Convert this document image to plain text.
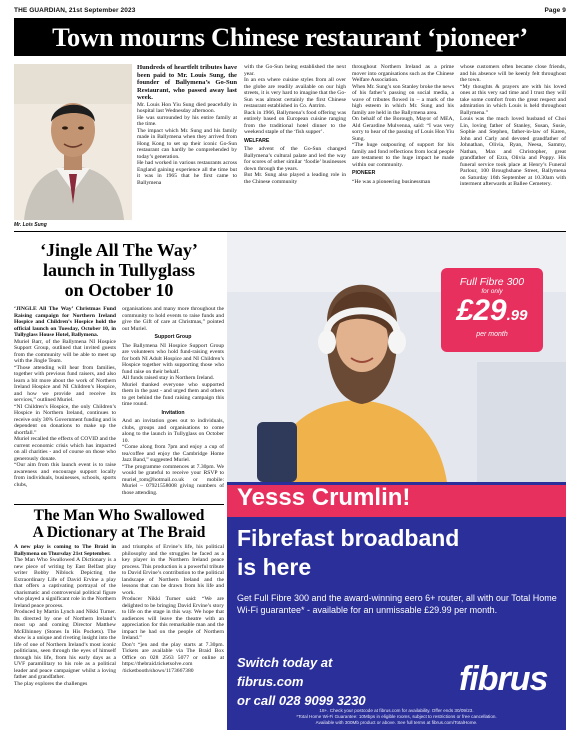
THE GUARDIAN, 21st September 2023	Page 9
Town mourns Chinese restaurant ‘pioneer’
Mr. Lois Sung

Hundreds of heartfelt tributes have been paid to Mr. Louis Sung, the founder of Ballymena’s Go-Sun Restaurant, who passed away last week.

Mr. Louis Hon Yiu Sung died peacefully in hospital last Wednesday afternoon.

He was surrounded by his entire family at the time.

The impact which Mr. Sung and his family made in Ballymena when they arrived from Hong Kong to set up their iconic Go-Sun restaurant can hardly be comprehended by today’s generation.

He had worked in various restaurants across England gaining experience all the time but it was in 1965 that he first came to Ballymena

with the Go-Sun being established the next year.

In an era where cuisine styles from all over the globe are readily available on our high streets, it is very hard to imagine that the Go-Sun was almost certainly the first Chinese restaurant established in Co. Antrim.

Back in 1966, Ballymena’s food offering was entirely based on European cuisine ranging from the traditional hotel dinner to the weekend staple of the ‘fish supper’.

WELFARE

The advent of the Go-Sun changed Ballymena’s cultural palate and led the way for scores of other similar ‘foodie’ businesses down through the years.

But Mr. Sung also played a leading role in the Chinese community

throughout Northern Ireland as a prime mover into organisations such as the Chinese Welfare Association.

When Mr. Sung’s son Stanley broke the news of his father’s passing on social media, a wave of tributes flowed in – a mark of the high esteem in which Mr. Sung and his family are held in the Ballymena area.

On behalf of the Borough, Mayor of MEA, Ald Gerardine Mulvenna, said: “I was very sorry to hear of the passing of Louis Hon Yiu Sung.

“The huge outpouring of support for his family and fond reflections from local people are testament to the huge impact he made within our community.

PIONEER

“He was a pioneering businessman

whose customers often became close friends, and his absence will be keenly felt throughout the town.

“My thoughts & prayers are with his loved ones at this very sad time and I trust they will take some comfort from the great respect and admiration in which Louis is held throughout Ballymena.”

Louis was the much loved husband of Choi Lin, loving father of Stanley, Susan, Susie, Sophie and Stephen, father-in-law of Karen, John and Carly and devoted grandfather of Johnathan, Olivia, Ryan, Neesa, Sammy, Nathan, Max and Christopher, great grandfather of Ezra, Olivia and Poppy. His funeral service took place at Henry’s Funeral Parlour, 100 Broughshane Street, Ballymena on Saturday 16th September at 10.30am with interment afterwards at Ballee Cemetery.

‘Jingle All The Way’
launch in Tullyglass
on October 10

‘JINGLE All The Way’ Christmas Fund Raising campaign for Northern Ireland Hospice and Children’s Hospice hold the official launch on Tuesday, October 10, in Tullyglass House Hotel, Ballymena.

Muriel Barr, of the Ballymena NI Hospice Support Group, outlined that invited guests from the community will be able to meet up with the Jingle Team.

“Those attending will hear from families, together with previous fund raisers, and also learn a bit more about the work of Northern Ireland Hospice and NI Children’s Hospice, and how we provide and receive its services,” outlined Muriel.

“NI Children’s Hospice, the only Children’s Hospice in Northern Ireland, continues to receive only 30% Government funding and is dependent on donations to make up the shortfall.”

Muriel recalled the effects of COVID and the current economic crisis which has impacted on all charities - and of course on those who generously donate.

“Our aim from this launch event is to raise awareness and encourage support locally from individuals, businesses, schools, sports clubs,

organisations and many more throughout the community to hold events to raise funds and give the Gift of care at Christmas,” pointed out Muriel.

Support Group

The Ballymena NI Hospice Support Group are volunteers who hold fund-raising events for both NI Adult Hospice and NI Children’s Hospice together with supporting those who fund raise on their behalf.

All funds raised stay in Northern Ireland.

Muriel thanked everyone who supported them in the past - and urged them and others to get behind the fund raising campaign this time round.

Invitation

And an invitation goes out to individuals, clubs, groups and organisations to come along to the launch in Tullyglass on October 10.

“Come along from 7pm and enjoy a cup of tea/coffee and enjoy the Cambridge Home Jazz Band,” suggested Muriel.

“The programme commences at 7.30pm. We would be grateful to receive your RSVP to muriel_tom@hotmail.co.uk or mobile: Muriel – 07921558008 giving numbers of those attending.

The Man Who Swallowed
A Dictionary at The Braid

A new play is coming to The Braid in Ballymena on Thursday 21st September.

The Man Who Swallowed A Dictionary is a new piece of writing by East Belfast play writer Bobby Niblock Depicting the Extraordinary Life of David Ervine a play that offers a captivating portrayal of the charismatic and controversial political figure who played a significant role in the Northern Ireland peace process.

Produced by Martin Lynch and Nikki Turner. Its directed by one of Northern Ireland’s most up and coming Director Matthew McElhinney (Stones In His Pockets). The show is a unique and riveting insight into the life of one of Northern Ireland’s most iconic politicians, seen through the eyes of himself through his life, from his early days as a UVF paramilitary to his role as a political leader and peace campaigner whilst a loving father and grandfather.

The play explores the challenges

and triumphs of Ervine’s life, his political philosophy and the struggles he faced as a key player in the Northern Ireland peace process. This production is a powerful tribute to David Ervine’s contribution to the political landscape of Northern Ireland and the lessons that can be drawn from his life and work.

Producer Nikki Turner said: “We are delighted to be bringing David Ervine’s story to life on the stage in this way. We hope that audiences will leave the theatre with an appreciation for this remarkable man and the impact he had on the people of Northern Ireland.”

Don’t “jen and the play starts at 7.30pm. Tickets are available via The Braid Box Office on 028 2563 5077 or online at https://thebraid.ticketsolve.com /ticketbooth/shows/1173667380

Full Fibre 300
for only
£29.99
per month
Yesss Crumlin!
Fibrefast broadband
is here
Get Full Fibre 300 and the award-winning eero 6+ router, all with our Total Home Wi-Fi guarantee* - available for an unmissable £29.99 per month.
Switch today at
fibrus.com
or call 028 9099 3230
fibrus
18+. Check your postcode at fibrus.com for availability. Offer ends 30/09/23.
*Total Home Wi-Fi Guarantee: 10Mbps in eligible rooms, subject to restrictions or free cancellation.
Available with 300Mb product or above. See full terms at fibrus.com/TotalHome.
